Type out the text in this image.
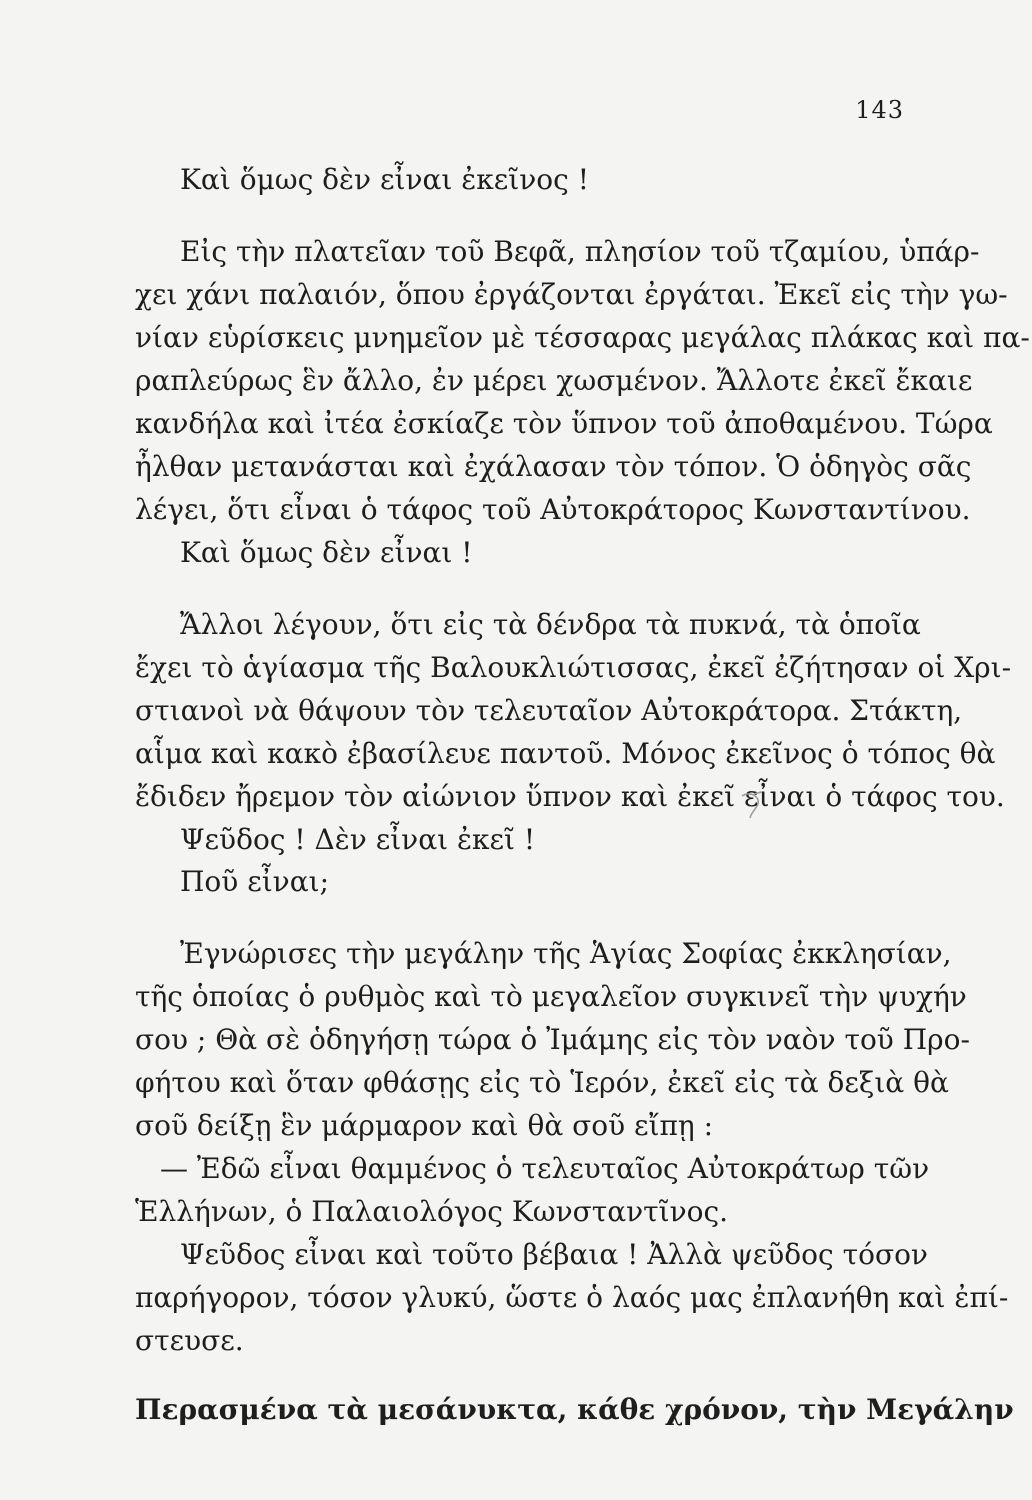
143
Καὶ ὅμως δὲν εἶναι ἐκεῖνος !
Εἰς τὴν πλατεῖαν τοῦ Βεφᾶ, πλησίον τοῦ τζαμίου, ὑπάρ-
χει χάνι παλαιόν, ὅπου ἐργάζονται ἐργάται. Ἐκεῖ εἰς τὴν γω-
νίαν εὑρίσκεις μνημεῖον μὲ τέσσαρας μεγάλας πλάκας καὶ πα-
ραπλεύρως ἓν ἄλλο, ἐν μέρει χωσμένον. Ἄλλοτε ἐκεῖ ἔκαιε
κανδήλα καὶ ἰτέα ἐσκίαζε τὸν ὕπνον τοῦ ἀποθαμένου. Τώρα
ἦλθαν μετανάσται καὶ ἐχάλασαν τὸν τόπον. Ὁ ὁδηγὸς σᾶς
λέγει, ὅτι εἶναι ὁ τάφος τοῦ Αὐτοκράτορος Κωνσταντίνου.
Καὶ ὅμως δὲν εἶναι !
Ἄλλοι λέγουν, ὅτι εἰς τὰ δένδρα τὰ πυκνά, τὰ ὁποῖα
ἔχει τὸ ἁγίασμα τῆς Βαλουκλιώτισσας, ἐκεῖ ἐζήτησαν οἱ Χρι-
στιανοὶ νὰ θάψουν τὸν τελευταῖον Αὐτοκράτορα. Στάκτη,
αἷμα καὶ κακὸ ἐβασίλευε παντοῦ. Μόνος ἐκεῖνος ὁ τόπος θὰ
ἔδιδεν ἤρεμον τὸν αἰώνιον ὕπνον καὶ ἐκεῖ εἶναι ὁ τάφος του.
Ψεῦδος ! Δὲν εἶναι ἐκεῖ !
Ποῦ εἶναι;
Ἐγνώρισες τὴν μεγάλην τῆς Ἁγίας Σοφίας ἐκκλησίαν,
τῆς ὁποίας ὁ ρυθμὸς καὶ τὸ μεγαλεῖον συγκινεῖ τὴν ψυχήν
σου ; Θὰ σὲ ὁδηγήσῃ τώρα ὁ Ἰμάμης εἰς τὸν ναὸν τοῦ Προ-
φήτου καὶ ὅταν φθάσῃς εἰς τὸ Ἱερόν, ἐκεῖ εἰς τὰ δεξιὰ θὰ
σοῦ δείξῃ ἓν μάρμαρον καὶ θὰ σοῦ εἴπῃ :
— Ἐδῶ εἶναι θαμμένος ὁ τελευταῖος Αὐτοκράτωρ τῶν
Ἑλλήνων, ὁ Παλαιολόγος Κωνσταντῖνος.
Ψεῦδος εἶναι καὶ τοῦτο βέβαια ! Ἀλλὰ ψεῦδος τόσον
παρήγορον, τόσον γλυκύ, ὥστε ὁ λαός μας ἐπλανήθη καὶ ἐπί-
στευσε.
Περασμένα τὰ μεσάνυκτα, κάθε χρόνον, τὴν Μεγάλην
